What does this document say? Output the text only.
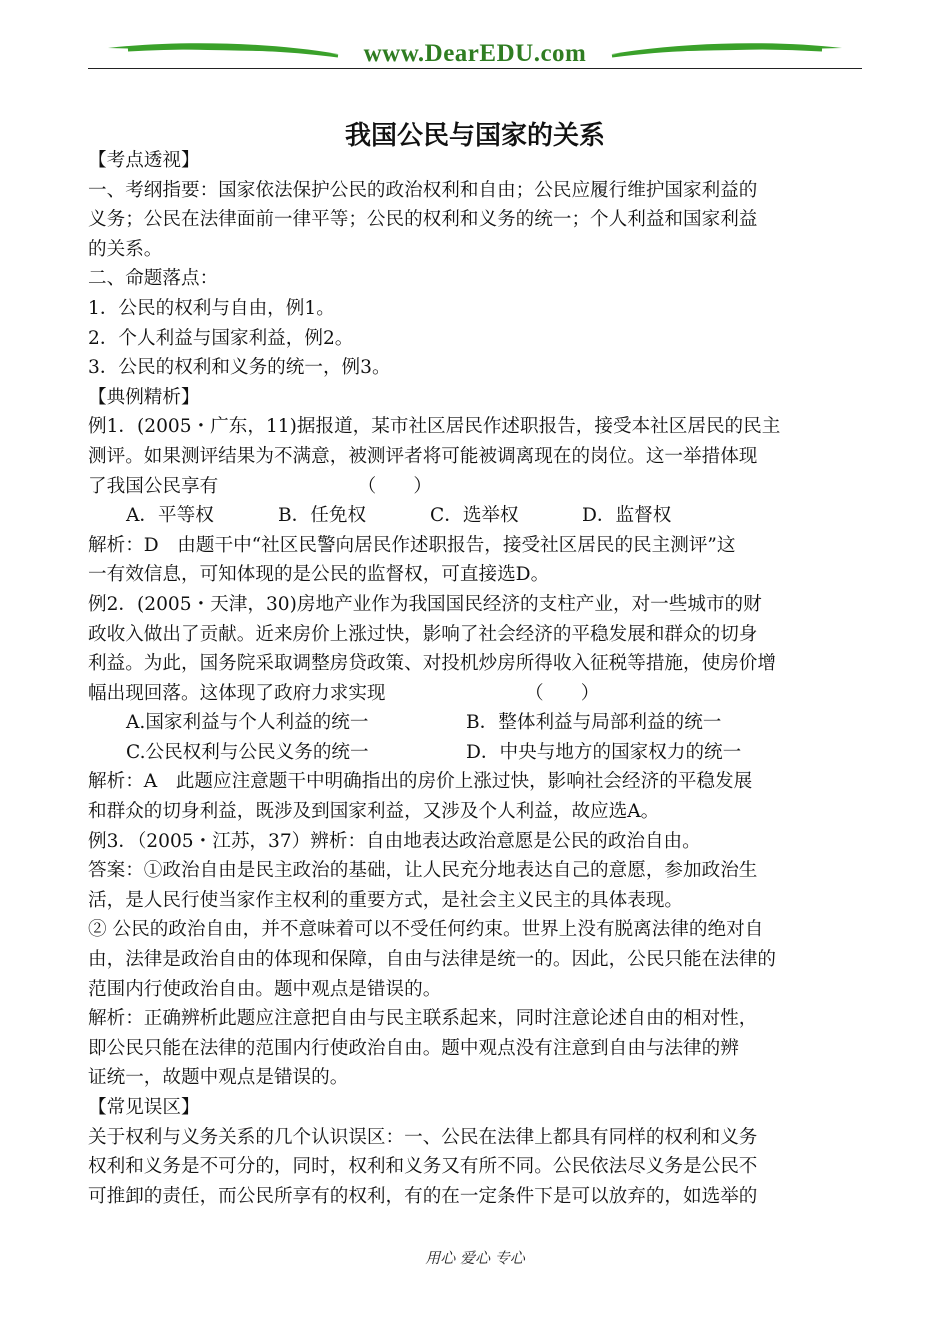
www.DearEDU.com
我国公民与国家的关系
【考点透视】
一、考纲指要：国家依法保护公民的政治权利和自由；公民应履行维护国家利益的
义务；公民在法律面前一律平等；公民的权利和义务的统一；个人利益和国家利益
的关系。
二、命题落点：
1．公民的权利与自由，例1。
2．个人利益与国家利益，例2。
3．公民的权利和义务的统一，例3。
【典例精析】
例1．(2005・广东，11)据报道，某市社区居民作述职报告，接受本社区居民的民主
测评。如果测评结果为不满意，被测评者将可能被调离现在的岗位。这一举措体现
了我国公民享有　　　　　　　　（　　）
A．平等权	B．任免权	C．选举权	D．监督权
解析：D　由题干中“社区民警向居民作述职报告，接受社区居民的民主测评”这
一有效信息，可知体现的是公民的监督权，可直接选D。
例2．(2005・天津，30)房地产业作为我国国民经济的支柱产业，对一些城市的财
政收入做出了贡献。近来房价上涨过快，影响了社会经济的平稳发展和群众的切身
利益。为此，国务院采取调整房贷政策、对投机炒房所得收入征税等措施，使房价增
幅出现回落。这体现了政府力求实现　　　　　　　　（　　）
A.国家利益与个人利益的统一	B．整体利益与局部利益的统一
C.公民权利与公民义务的统一	D．中央与地方的国家权力的统一
解析：A　此题应注意题干中明确指出的房价上涨过快，影响社会经济的平稳发展
和群众的切身利益，既涉及到国家利益，又涉及个人利益，故应选A。
例3．（2005・江苏，37）辨析：自由地表达政治意愿是公民的政治自由。
答案：①政治自由是民主政治的基础，让人民充分地表达自己的意愿，参加政治生
活，是人民行使当家作主权利的重要方式，是社会主义民主的具体表现。
② 公民的政治自由，并不意味着可以不受任何约束。世界上没有脱离法律的绝对自
由，法律是政治自由的体现和保障，自由与法律是统一的。因此，公民只能在法律的
范围内行使政治自由。题中观点是错误的。
解析：正确辨析此题应注意把自由与民主联系起来，同时注意论述自由的相对性，
即公民只能在法律的范围内行使政治自由。题中观点没有注意到自由与法律的辨
证统一，故题中观点是错误的。
【常见误区】
关于权利与义务关系的几个认识误区：一、公民在法律上都具有同样的权利和义务
权利和义务是不可分的，同时，权利和义务又有所不同。公民依法尽义务是公民不
可推卸的责任，而公民所享有的权利，有的在一定条件下是可以放弃的，如选举的
用心 爱心 专心
